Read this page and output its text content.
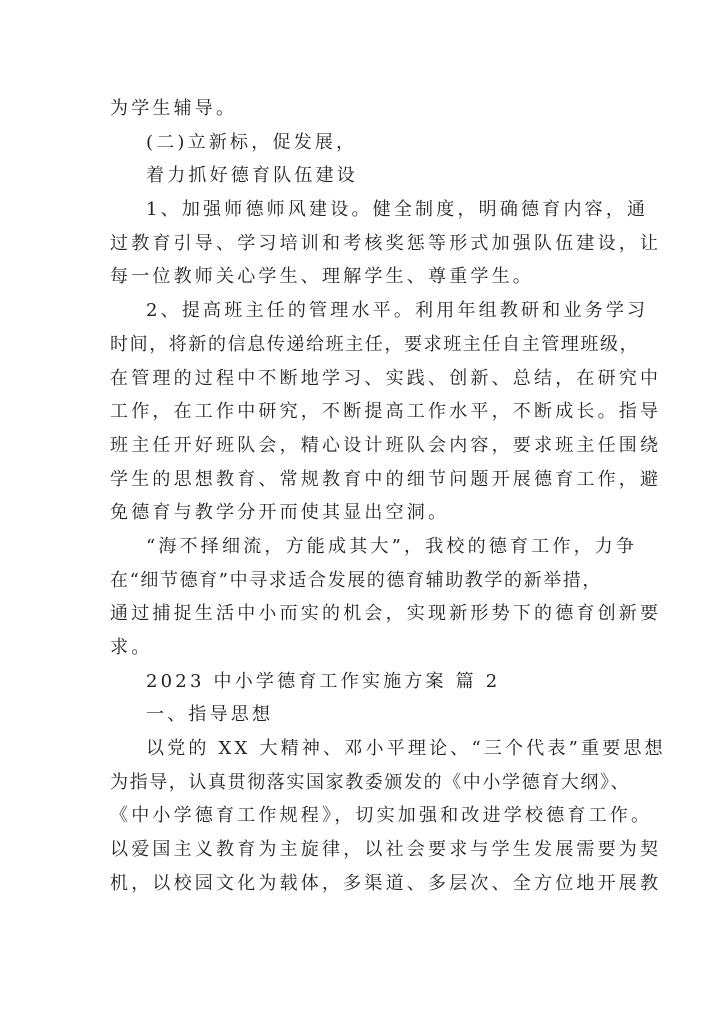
为学生辅导。
(二)立新标，促发展，
着力抓好德育队伍建设
1、加强师德师风建设。健全制度，明确德育内容，通
过教育引导、学习培训和考核奖惩等形式加强队伍建设，让
每一位教师关心学生、理解学生、尊重学生。
2、提高班主任的管理水平。利用年组教研和业务学习
时间，将新的信息传递给班主任，要求班主任自主管理班级，
在管理的过程中不断地学习、实践、创新、总结，在研究中
工作，在工作中研究，不断提高工作水平，不断成长。指导
班主任开好班队会，精心设计班队会内容，要求班主任围绕
学生的思想教育、常规教育中的细节问题开展德育工作，避
免德育与教学分开而使其显出空洞。
“海不择细流，方能成其大”，我校的德育工作，力争
在“细节德育”中寻求适合发展的德育辅助教学的新举措，
通过捕捉生活中小而实的机会，实现新形势下的德育创新要
求。
2023 中小学德育工作实施方案 篇 2
一、指导思想
以党的 XX 大精神、邓小平理论、“三个代表”重要思想
为指导，认真贯彻落实国家教委颁发的《中小学德育大纲》、
《中小学德育工作规程》，切实加强和改进学校德育工作。
以爱国主义教育为主旋律，以社会要求与学生发展需要为契
机，以校园文化为载体，多渠道、多层次、全方位地开展教
